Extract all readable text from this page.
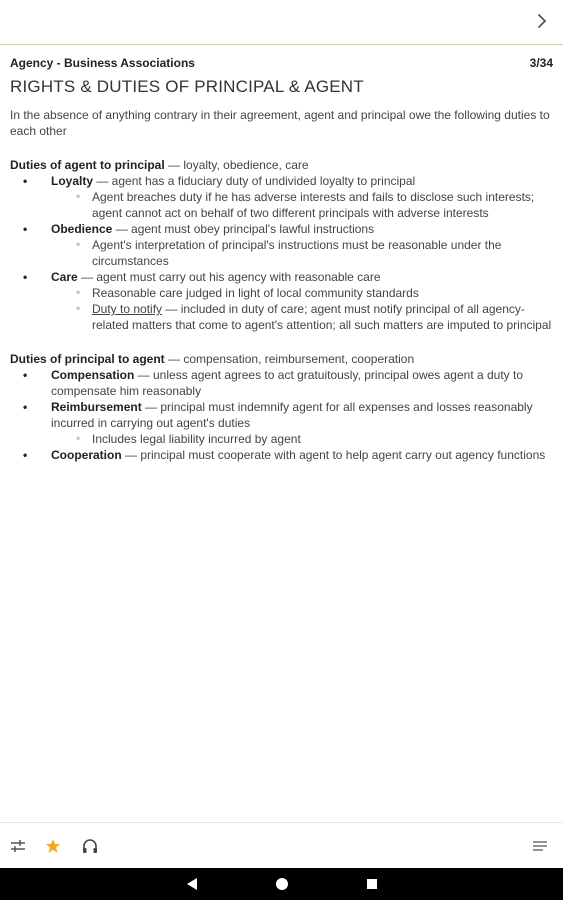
Agency - Business Associations	3/34
RIGHTS & DUTIES OF PRINCIPAL & AGENT
In the absence of anything contrary in their agreement, agent and principal owe the following duties to each other
Duties of agent to principal — loyalty, obedience, care
• Loyalty — agent has a fiduciary duty of undivided loyalty to principal
◦ Agent breaches duty if he has adverse interests and fails to disclose such interests; agent cannot act on behalf of two different principals with adverse interests
• Obedience — agent must obey principal's lawful instructions
◦ Agent's interpretation of principal's instructions must be reasonable under the circumstances
• Care — agent must carry out his agency with reasonable care
◦ Reasonable care judged in light of local community standards
◦ Duty to notify — included in duty of care; agent must notify principal of all agency-related matters that come to agent's attention; all such matters are imputed to principal
Duties of principal to agent — compensation, reimbursement, cooperation
• Compensation — unless agent agrees to act gratuitously, principal owes agent a duty to compensate him reasonably
• Reimbursement — principal must indemnify agent for all expenses and losses reasonably incurred in carrying out agent's duties
◦ Includes legal liability incurred by agent
• Cooperation — principal must cooperate with agent to help agent carry out agency functions
